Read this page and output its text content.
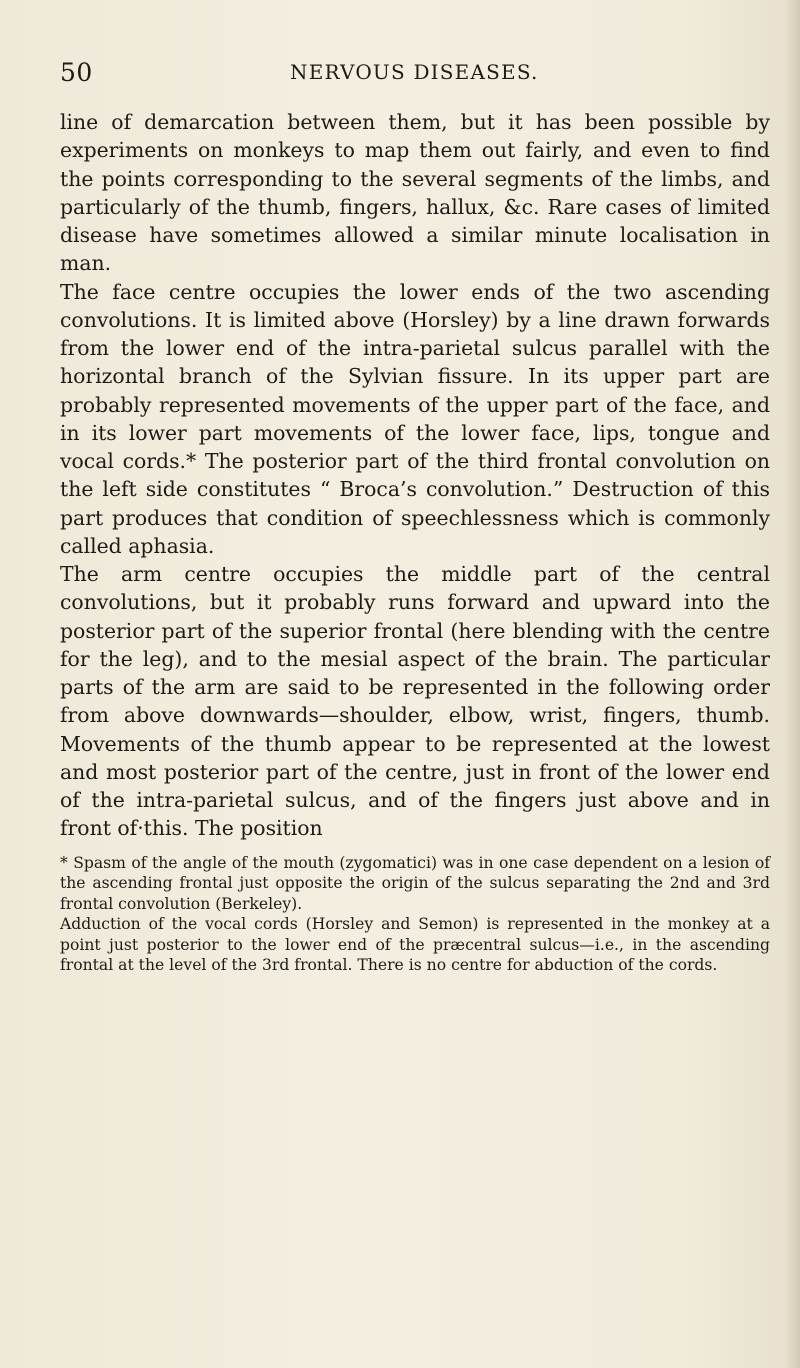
50	NERVOUS DISEASES.

line of demarcation between them, but it has been possible by experiments on monkeys to map them out fairly, and even to find the points corresponding to the several segments of the limbs, and particularly of the thumb, fingers, hallux, &c. Rare cases of limited disease have sometimes allowed a similar minute localisation in man.

The face centre occupies the lower ends of the two ascending convolutions. It is limited above (Horsley) by a line drawn forwards from the lower end of the intra-parietal sulcus parallel with the horizontal branch of the Sylvian fissure. In its upper part are probably represented movements of the upper part of the face, and in its lower part movements of the lower face, lips, tongue and vocal cords.* The posterior part of the third frontal convolution on the left side constitutes “ Broca’s convolution.” Destruction of this part produces that condition of speechlessness which is commonly called aphasia.

The arm centre occupies the middle part of the central convolutions, but it probably runs forward and upward into the posterior part of the superior frontal (here blending with the centre for the leg), and to the mesial aspect of the brain. The particular parts of the arm are said to be represented in the following order from above downwards—shoulder, elbow, wrist, fingers, thumb. Movements of the thumb appear to be represented at the lowest and most posterior part of the centre, just in front of the lower end of the intra-parietal sulcus, and of the fingers just above and in front of·this. The position

* Spasm of the angle of the mouth (zygomatici) was in one case dependent on a lesion of the ascending frontal just opposite the origin of the sulcus separating the 2nd and 3rd frontal convolution (Berkeley).

Adduction of the vocal cords (Horsley and Semon) is represented in the monkey at a point just posterior to the lower end of the præcentral sulcus—i.e., in the ascending frontal at the level of the 3rd frontal. There is no centre for abduction of the cords.
